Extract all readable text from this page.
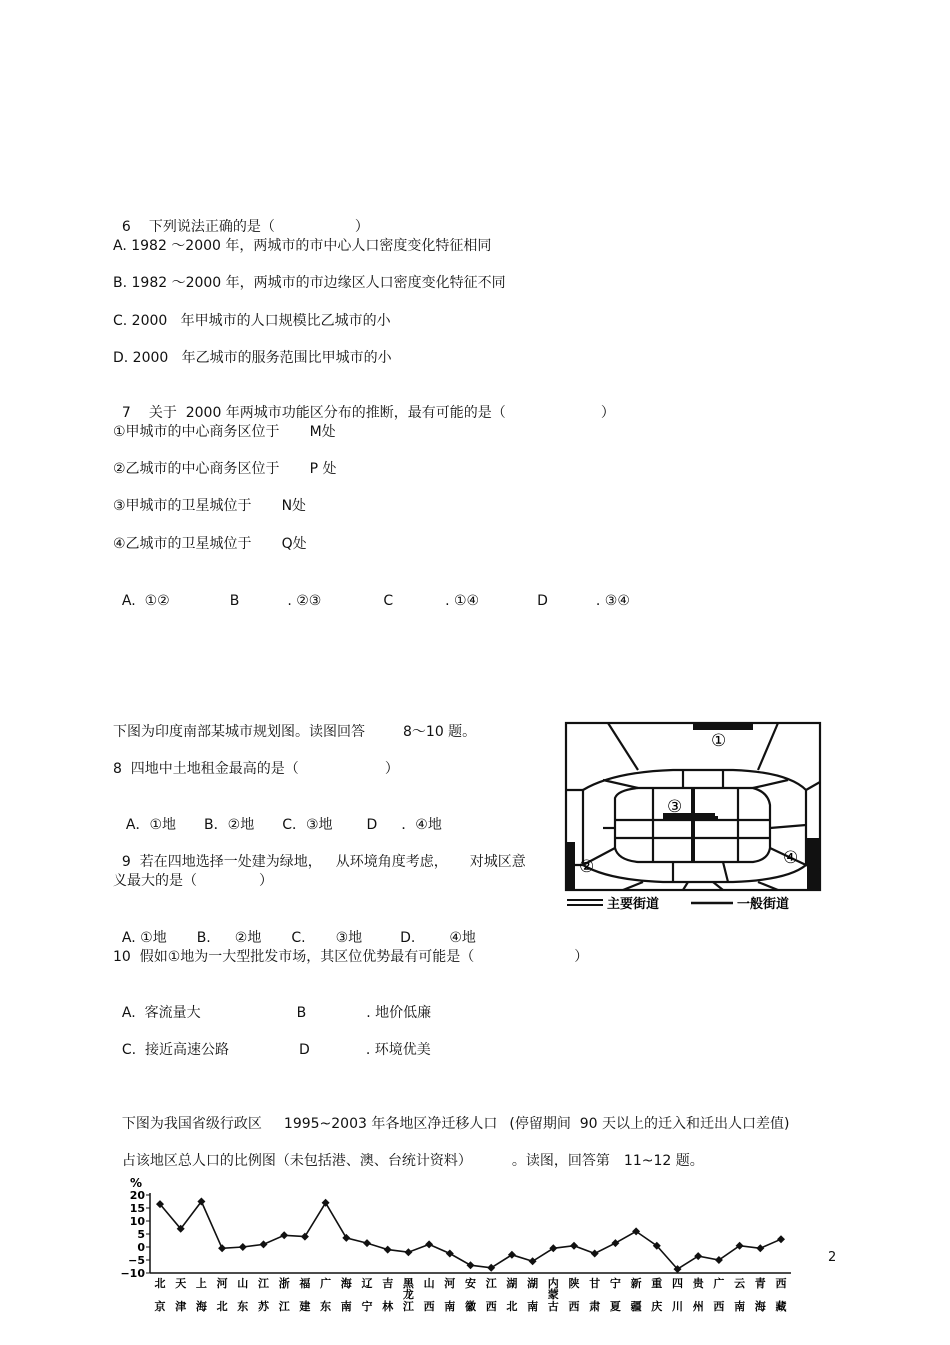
6 下列说法正确的是（	）

A. 1982 ～2000 年，两城市的市中心人口密度变化特征相同
B. 1982 ～2000 年，两城市的市边缘区人口密度变化特征不同
C. 2000   年甲城市的人口规模比乙城市的小
D. 2000   年乙城市的服务范围比甲城市的小

7 关于  2000 年两城市功能区分布的推断，最有可能的是（	）

①甲城市的中心商务区位于 M处
②乙城市的中心商务区位于 P 处
③甲城市的卫星城位于 N处
④乙城市的卫星城位于 Q处

A.  ①②	B	. ②③	C	. ①④	D	. ③④

下图为印度南部某城市规划图。读图回答	8～10 题。
8  四地中土地租金最高的是（	）

A．①地 B．②地 C．③地 D ．④地

9  若在四地选择一处建为绿地， 从环境角度考虑， 对城区意

义最大的是（	）

A. ①地 B. ②地 C. ③地	D. ④地

10  假如①地为一大型批发市场，其区位优势最有可能是（	）

A.  客流量大	B	. 地价低廉

C.  接近高速公路	D	. 环境优美

下图为我国省级行政区 1995~2003 年各地区净迁移人口 (停留期间  90 天以上的迁入和迁出人口差值)

占该地区总人口的比例图（未包括港、澳、台统计资料）	。读图，回答第 11~12 题。

①
②
③
④
主要街道	一般街道
%
20
15
10
5
0
−5
−10
北
京
天
津
上
海
河
北
山
东
江
苏
浙
江
福
建
广
东
海
南
辽
宁
吉
林
黑
龙
江
山
西
河
南
安
徽
江
西
湖
北
湖
南
内
蒙
古
陕
西
甘
肃
宁
夏
新
疆
重
庆
四
川
贵
州
广
西
云
南
青
海
西
藏
2
